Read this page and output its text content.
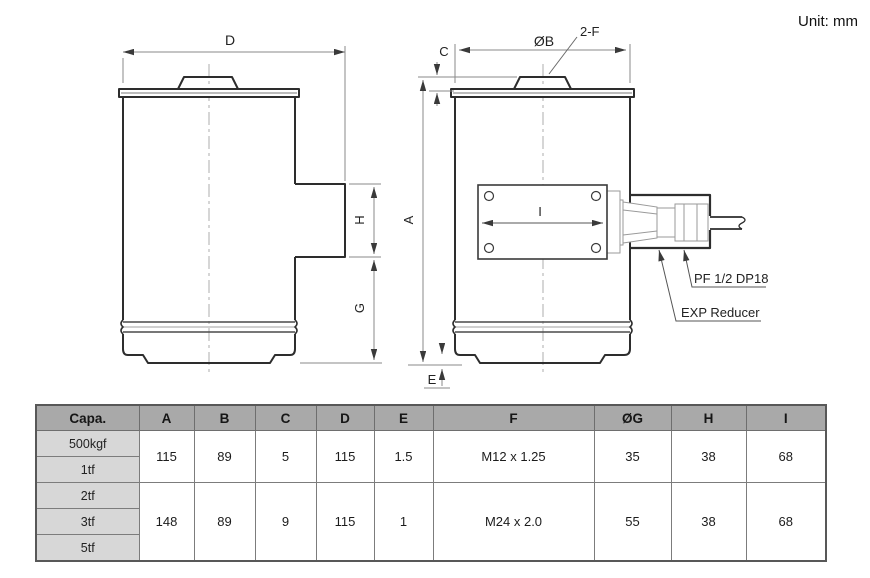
Unit: mm
D
H
G
ØB
2-F
I
C
A
E
PF 1/2 DP18
EXP Reducer
Capa.	A	B	C	D	E	F	ØG	H	I
500kgf	115	89	5	115	1.5	M12 x 1.25	35	38	68
1tf									
2tf	148	89	9	115	1	M24 x 2.0	55	38	68
3tf									
5tf									
